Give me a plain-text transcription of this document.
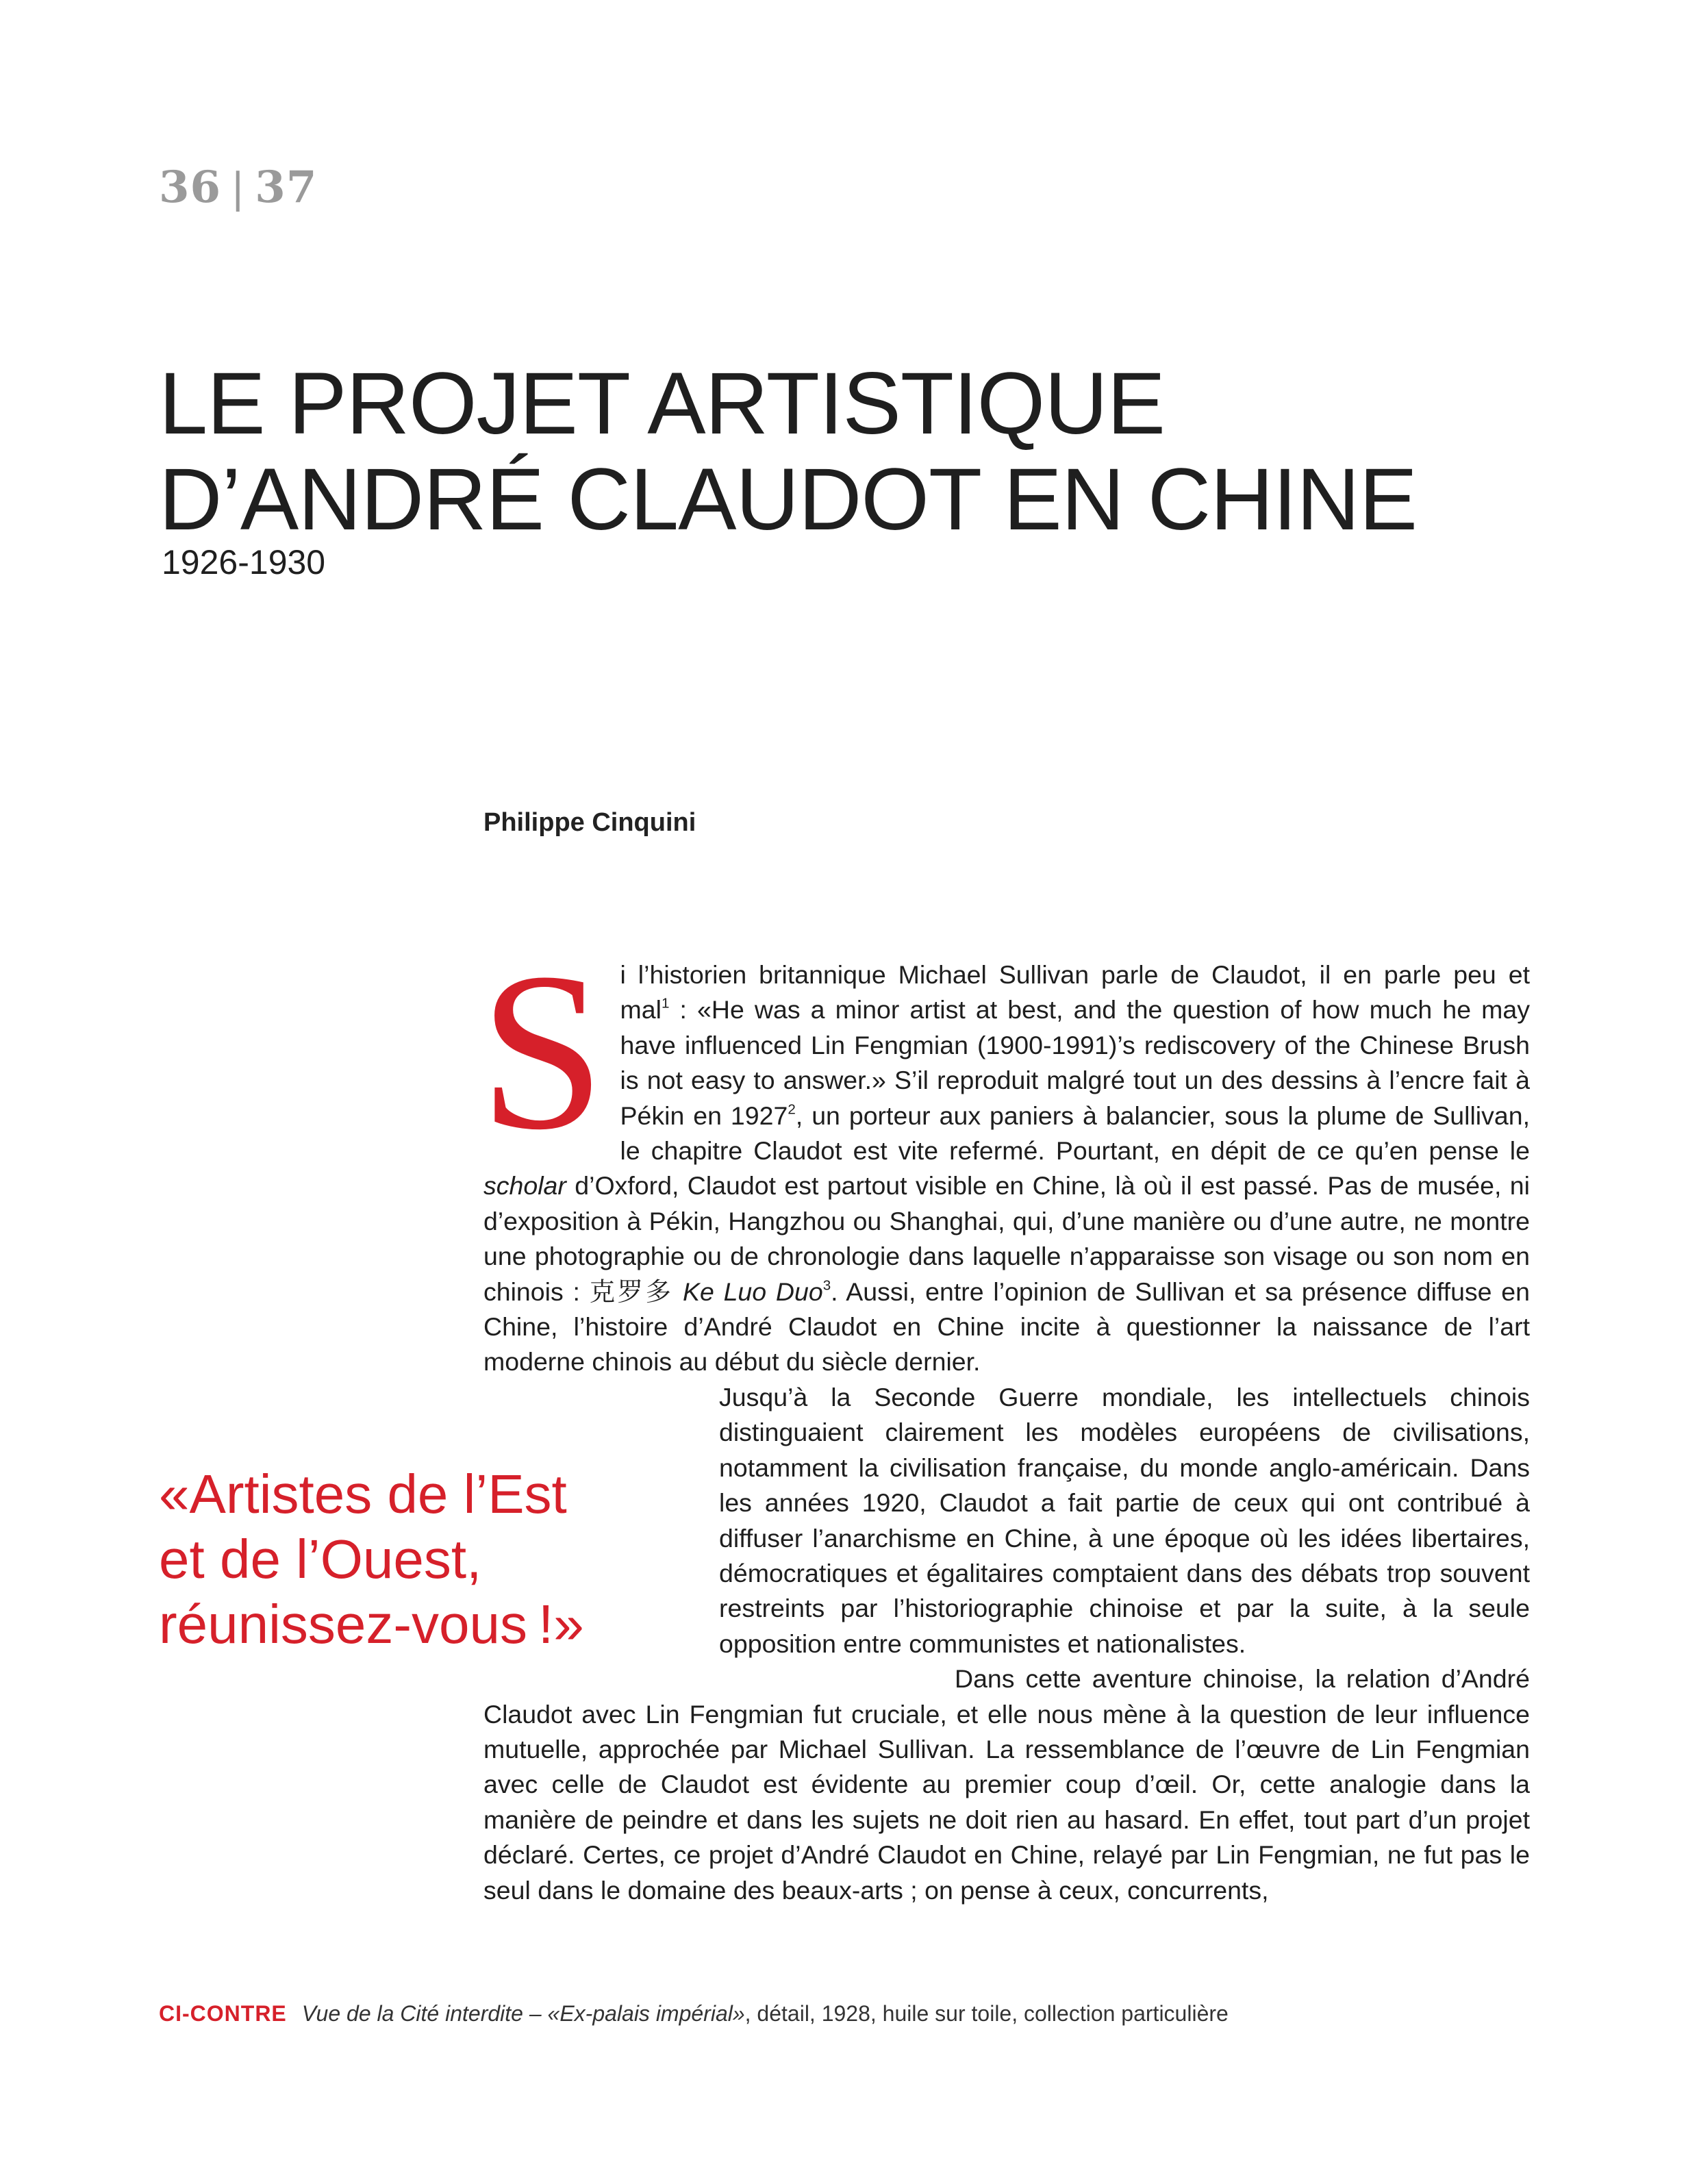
36 | 37
LE PROJET ARTISTIQUE
D’ANDRÉ CLAUDOT EN CHINE
1926-1930
Philippe Cinquini

Si l’historien britannique Michael Sullivan parle de Claudot, il en parle peu et mal$^1$ : «He was a minor artist at best, and the question of how much he may have influenced Lin Fengmian (1900-1991)’s rediscovery of the Chinese Brush is not easy to answer.» S’il reproduit malgré tout un des dessins à l’encre fait à Pékin en 1927$^2$, un porteur aux paniers à balancier, sous la plume de Sullivan, le chapitre Claudot est vite refermé. Pourtant, en dépit de ce qu’en pense le scholar d’Oxford, Claudot est partout visible en Chine, là où il est passé. Pas de musée, ni d’exposition à Pékin, Hangzhou ou Shanghai, qui, d’une manière ou d’une autre, ne montre une photographie ou de chronologie dans laquelle n’apparaisse son visage ou son nom en chinois : 克罗多 Ke Luo Duo$^3$. Aussi, entre l’opinion de Sullivan et sa présence diffuse en Chine, l’histoire d’André Claudot en Chine incite à questionner la naissance de l’art moderne chinois au début du siècle dernier.

Jusqu’à la Seconde Guerre mondiale, les intellectuels chinois distinguaient clairement les modèles européens de civilisations, notamment la civilisation française, du monde anglo-américain. Dans les années 1920, Claudot a fait partie de ceux qui ont contribué à diffuser l’anarchisme en Chine, à une époque où les idées libertaires, démocratiques et égalitaires comptaient dans des débats trop souvent restreints par l’historiographie chinoise et par la suite, à la seule opposition entre communistes et nationalistes.

Dans cette aventure chinoise, la relation d’André Claudot avec Lin Fengmian fut cruciale, et elle nous mène à la question de leur influence mutuelle, approchée par Michael Sullivan. La ressemblance de l’œuvre de Lin Fengmian avec celle de Claudot est évidente au premier coup d’œil. Or, cette analogie dans la manière de peindre et dans les sujets ne doit rien au hasard. En effet, tout part d’un projet déclaré. Certes, ce projet d’André Claudot en Chine, relayé par Lin Fengmian, ne fut pas le seul dans le domaine des beaux-arts ; on pense à ceux, concurrents,

«Artistes de l’Est
et de l’Ouest,
réunissez-vous !»
CI-CONTRE Vue de la Cité interdite – «Ex-palais impérial», détail, 1928, huile sur toile, collection particulière
